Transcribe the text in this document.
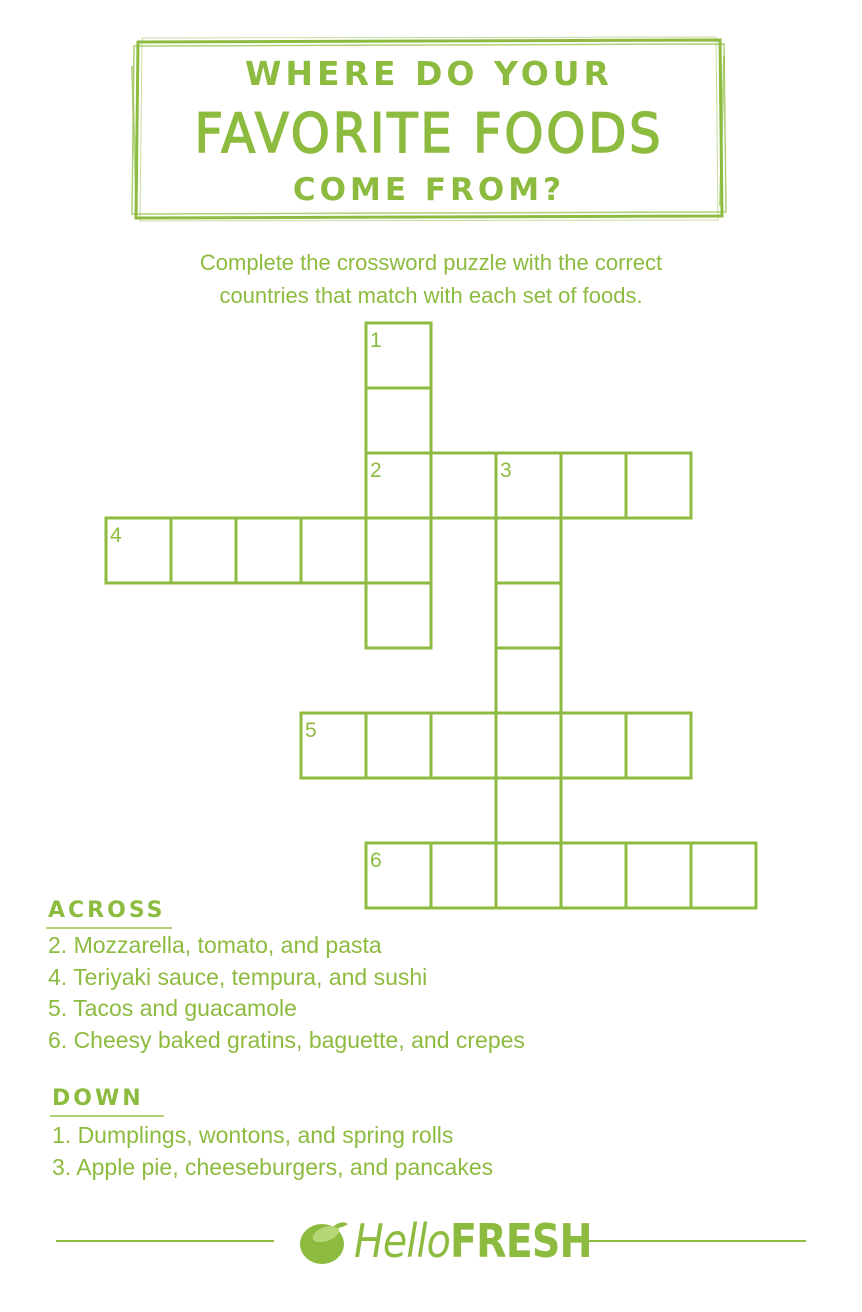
WHERE DO YOUR
FAVORITE FOODS
COME FROM?
Complete the crossword puzzle with the correct
countries that match with each set of foods.
1
2	3
4
5
6
ACROSS
2. Mozzarella, tomato, and pasta
4. Teriyaki sauce, tempura, and sushi
5. Tacos and guacamole
6. Cheesy baked gratins, baguette, and crepes
DOWN
1. Dumplings, wontons, and spring rolls
3. Apple pie, cheeseburgers, and pancakes
HelloFRESH
